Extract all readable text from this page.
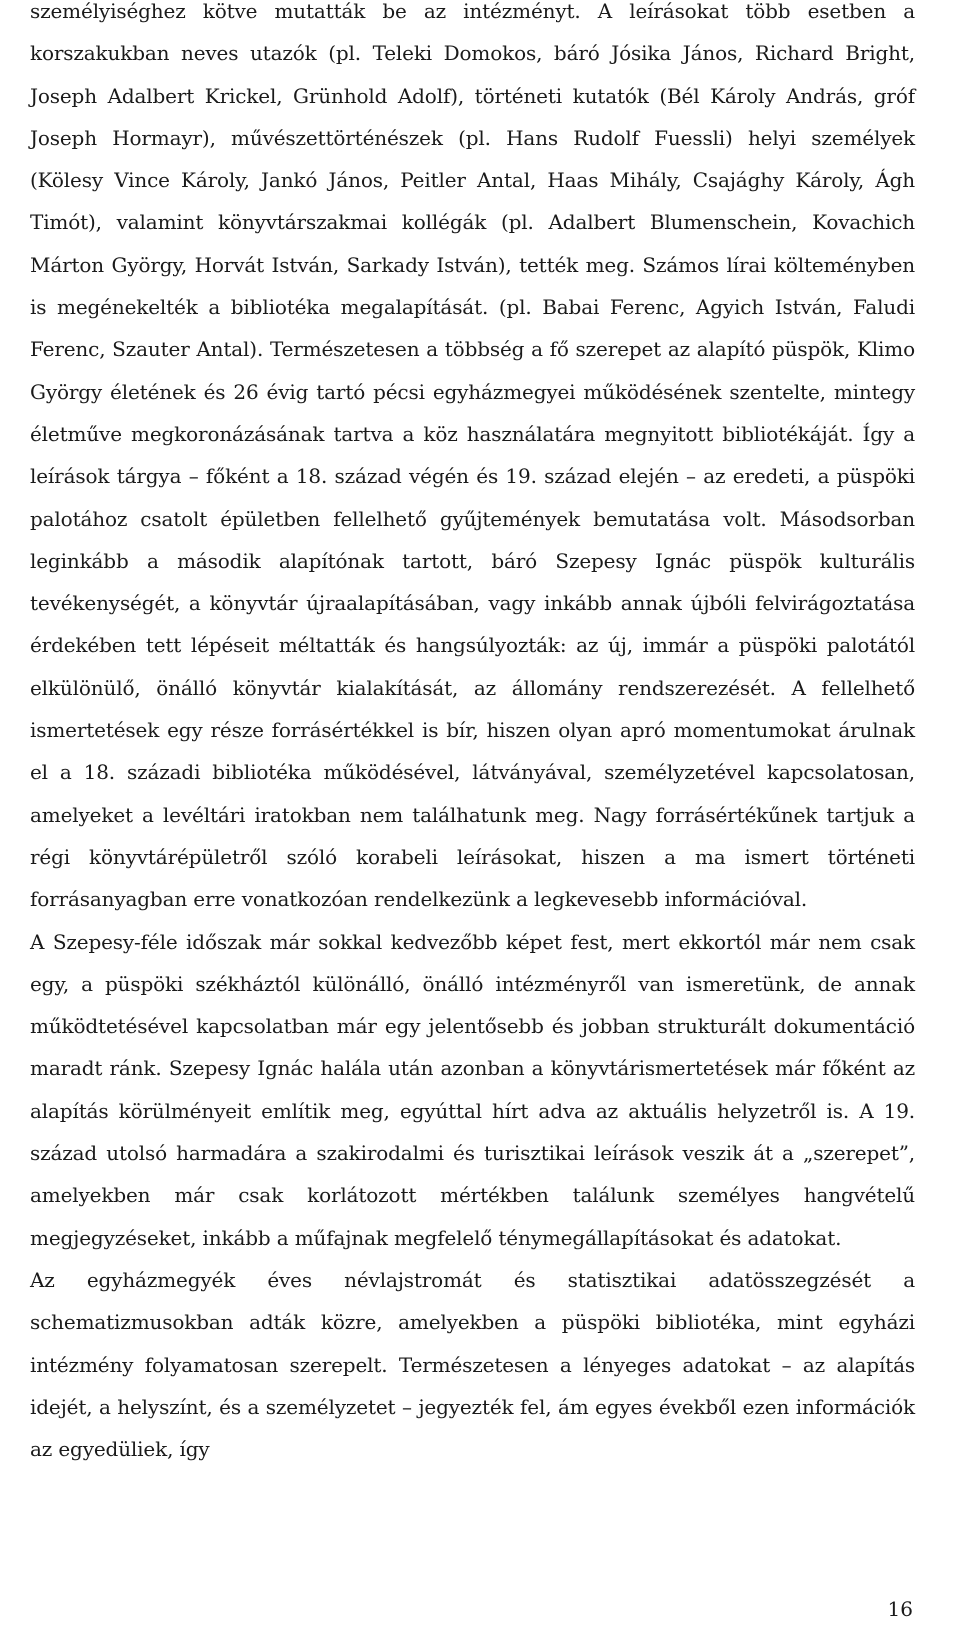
személyiséghez kötve mutatták be az intézményt. A leírásokat több esetben a korszakukban neves utazók (pl. Teleki Domokos, báró Jósika János, Richard Bright, Joseph Adalbert Krickel, Grünhold Adolf), történeti kutatók (Bél Károly András, gróf Joseph Hormayr), művészettörténészek (pl. Hans Rudolf Fuessli) helyi személyek (Kölesy Vince Károly, Jankó János, Peitler Antal, Haas Mihály, Csajághy Károly, Ágh Timót), valamint könyvtárszakmai kollégák (pl. Adalbert Blumenschein, Kovachich Márton György, Horvát István, Sarkady István), tették meg. Számos lírai költeményben is megénekelték a bibliotéka megalapítását. (pl. Babai Ferenc, Agyich István, Faludi Ferenc, Szauter Antal). Természetesen a többség a fő szerepet az alapító püspök, Klimo György életének és 26 évig tartó pécsi egyházmegyei működésének szentelte, mintegy életműve megkoronázásának tartva a köz használatára megnyitott bibliotékáját. Így a leírások tárgya – főként a 18. század végén és 19. század elején – az eredeti, a püspöki palotához csatolt épületben fellelhető gyűjtemények bemutatása volt. Másodsorban leginkább a második alapítónak tartott, báró Szepesy Ignác püspök kulturális tevékenységét, a könyvtár újraalapításában, vagy inkább annak újbóli felvirágoztatása érdekében tett lépéseit méltatták és hangsúlyozták: az új, immár a püspöki palotától elkülönülő, önálló könyvtár kialakítását, az állomány rendszerezését. A fellelhető ismertetések egy része forrásértékkel is bír, hiszen olyan apró momentumokat árulnak el a 18. századi bibliotéka működésével, látványával, személyzetével kapcsolatosan, amelyeket a levéltári iratokban nem találhatunk meg. Nagy forrásértékűnek tartjuk a régi könyvtárépületről szóló korabeli leírásokat, hiszen a ma ismert történeti forrásanyagban erre vonatkozóan rendelkezünk a legkevesebb információval.

A Szepesy-féle időszak már sokkal kedvezőbb képet fest, mert ekkortól már nem csak egy, a püspöki székháztól különálló, önálló intézményről van ismeretünk, de annak működtetésével kapcsolatban már egy jelentősebb és jobban strukturált dokumentáció maradt ránk. Szepesy Ignác halála után azonban a könyvtárismertetések már főként az alapítás körülményeit említik meg, egyúttal hírt adva az aktuális helyzetről is. A 19. század utolsó harmadára a szakirodalmi és turisztikai leírások veszik át a „szerepet”, amelyekben már csak korlátozott mértékben találunk személyes hangvételű megjegyzéseket, inkább a műfajnak megfelelő ténymegállapításokat és adatokat.

Az egyházmegyék éves névlajstromát és statisztikai adatösszegzését a schematizmusokban adták közre, amelyekben a püspöki bibliotéka, mint egyházi intézmény folyamatosan szerepelt. Természetesen a lényeges adatokat – az alapítás idejét, a helyszínt, és a személyzetet – jegyezték fel, ám egyes évekből ezen információk az egyedüliek, így

16
